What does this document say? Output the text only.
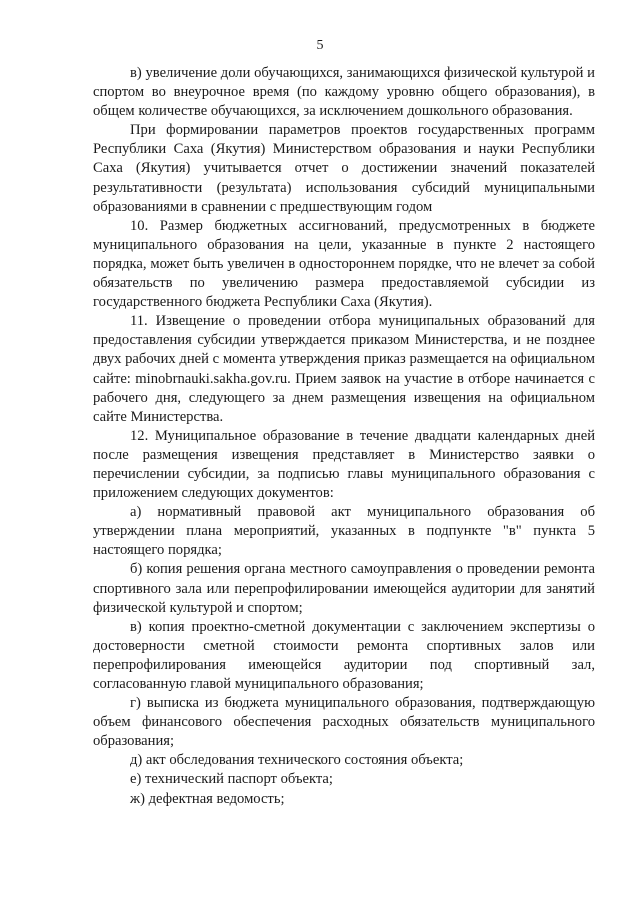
5

в) увеличение доли обучающихся, занимающихся физической культурой и спортом во внеурочное время (по каждому уровню общего образования), в общем количестве обучающихся, за исключением дошкольного образования.

При формировании параметров проектов государственных программ Республики Саха (Якутия) Министерством образования и науки Республики Саха (Якутия) учитывается отчет о достижении значений показателей результативности (результата) использования субсидий муниципальными образованиями в сравнении с предшествующим годом

10. Размер бюджетных ассигнований, предусмотренных в бюджете муниципального образования на цели, указанные в пункте 2 настоящего порядка, может быть увеличен в одностороннем порядке, что не влечет за собой обязательств по увеличению размера предоставляемой субсидии из государственного бюджета Республики Саха (Якутия).

11. Извещение о проведении отбора муниципальных образований для предоставления субсидии утверждается приказом Министерства, и не позднее двух рабочих дней с момента утверждения приказ размещается на официальном сайте: minobrnauki.sakha.gov.ru. Прием заявок на участие в отборе начинается с рабочего дня, следующего за днем размещения извещения на официальном сайте Министерства.

12. Муниципальное образование в течение двадцати календарных дней после размещения извещения представляет в Министерство заявки о перечислении субсидии, за подписью главы муниципального образования с приложением следующих документов:

а) нормативный правовой акт муниципального образования об утверждении плана мероприятий, указанных в подпункте "в" пункта 5 настоящего порядка;

б) копия решения органа местного самоуправления о проведении ремонта спортивного зала или перепрофилировании имеющейся аудитории для занятий физической культурой и спортом;

в) копия проектно-сметной документации с заключением экспертизы о достоверности сметной стоимости ремонта спортивных залов или перепрофилирования имеющейся аудитории под спортивный зал, согласованную главой муниципального образования;

г) выписка из бюджета муниципального образования, подтверждающую объем финансового обеспечения расходных обязательств муниципального образования;

д) акт обследования технического состояния объекта;

е) технический паспорт объекта;

ж) дефектная ведомость;
